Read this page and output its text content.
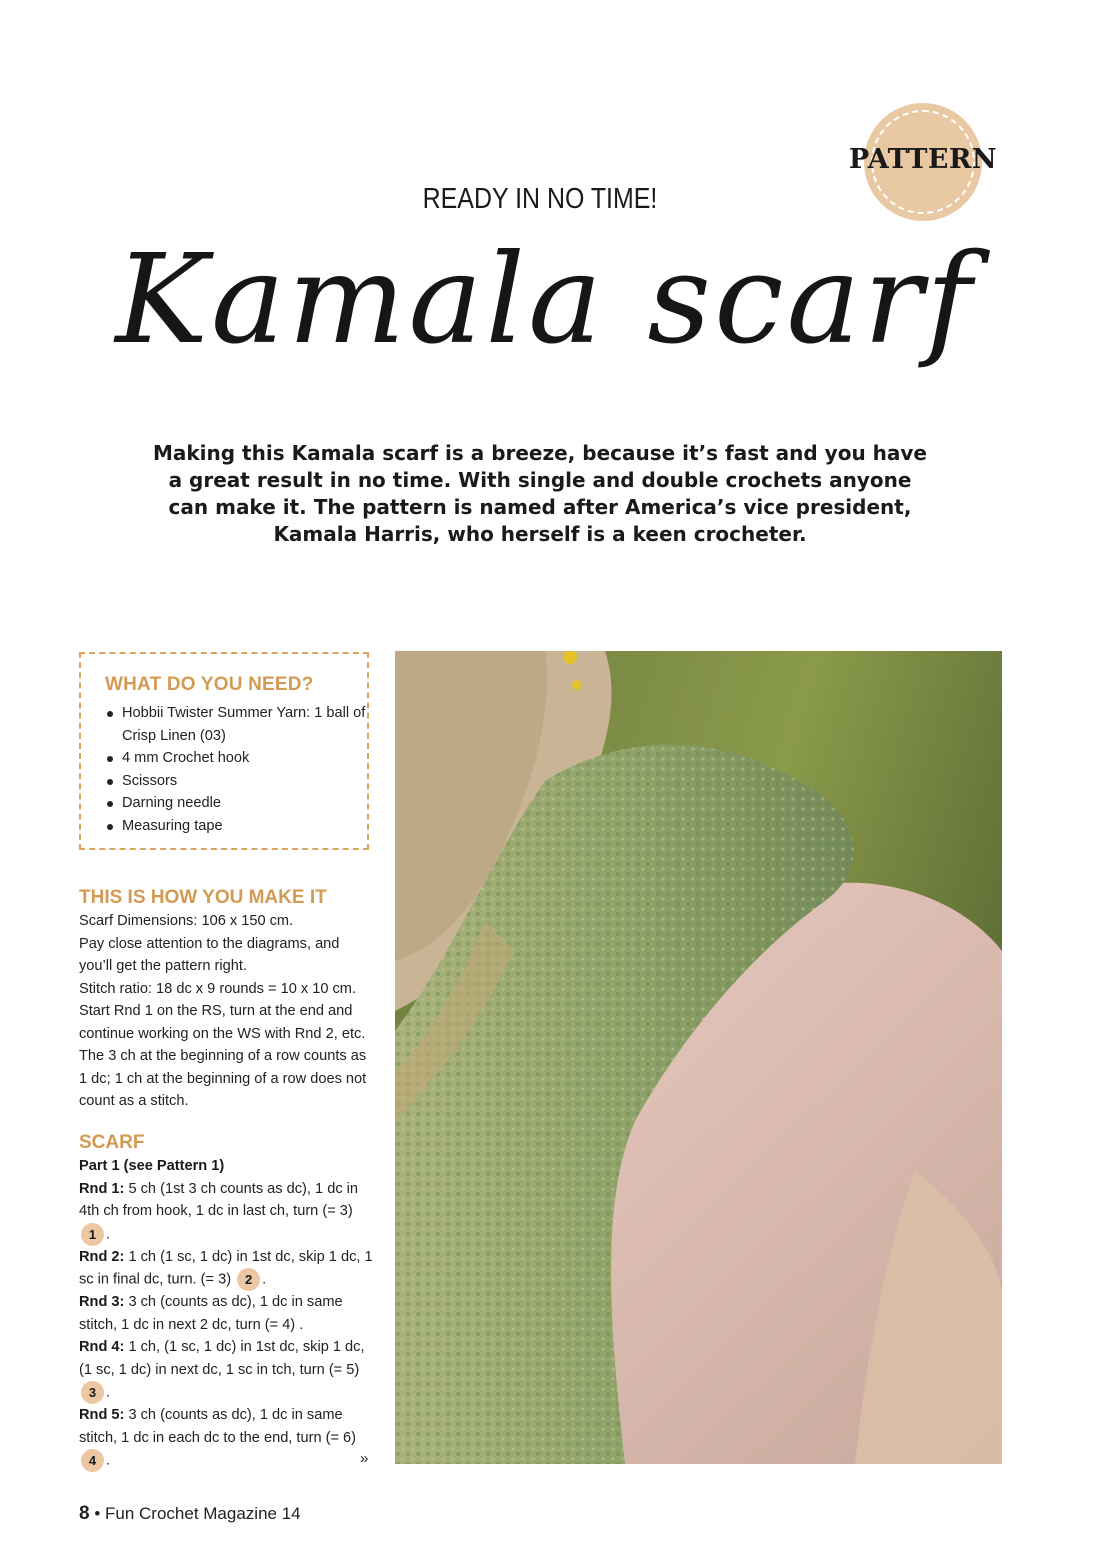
PATTERN
READY IN NO TIME!
Kamala scarf
Making this Kamala scarf is a breeze, because it’s fast and you have a great result in no time. With single and double crochets anyone can make it. The pattern is named after America’s vice president, Kamala Harris, who herself is a keen crocheter.
WHAT DO YOU NEED?
Hobbii Twister Summer Yarn: 1 ball of Crisp Linen (03)
4 mm Crochet hook
Scissors
Darning needle
Measuring tape
THIS IS HOW YOU MAKE IT

Scarf Dimensions: 106 x 150 cm.

Pay close attention to the diagrams, and you’ll get the pattern right.

Stitch ratio: 18 dc x 9 rounds = 10 x 10 cm.

Start Rnd 1 on the RS, turn at the end and continue working on the WS with Rnd 2, etc. The 3 ch at the beginning of a row counts as 1 dc; 1 ch at the beginning of a row does not count as a stitch.

SCARF

Part 1 (see Pattern 1)

Rnd 1: 5 ch (1st 3 ch counts as dc), 1 dc in 4th ch from hook, 1 dc in last ch, turn (= 3) 1 .

Rnd 2: 1 ch (1 sc, 1 dc) in 1st dc, skip 1 dc, 1 sc in final dc, turn. (= 3) 2 .

Rnd 3: 3 ch (counts as dc), 1 dc in same stitch, 1 dc in next 2 dc, turn (= 4) .

Rnd 4: 1 ch, (1 sc, 1 dc) in 1st dc, skip 1 dc, (1 sc, 1 dc) in next dc, 1 sc in tch, turn (= 5) 3 .

Rnd 5: 3 ch (counts as dc), 1 dc in same stitch, 1 dc in each dc to the end, turn (= 6) 4 .	»
8 • Fun Crochet Magazine 14
